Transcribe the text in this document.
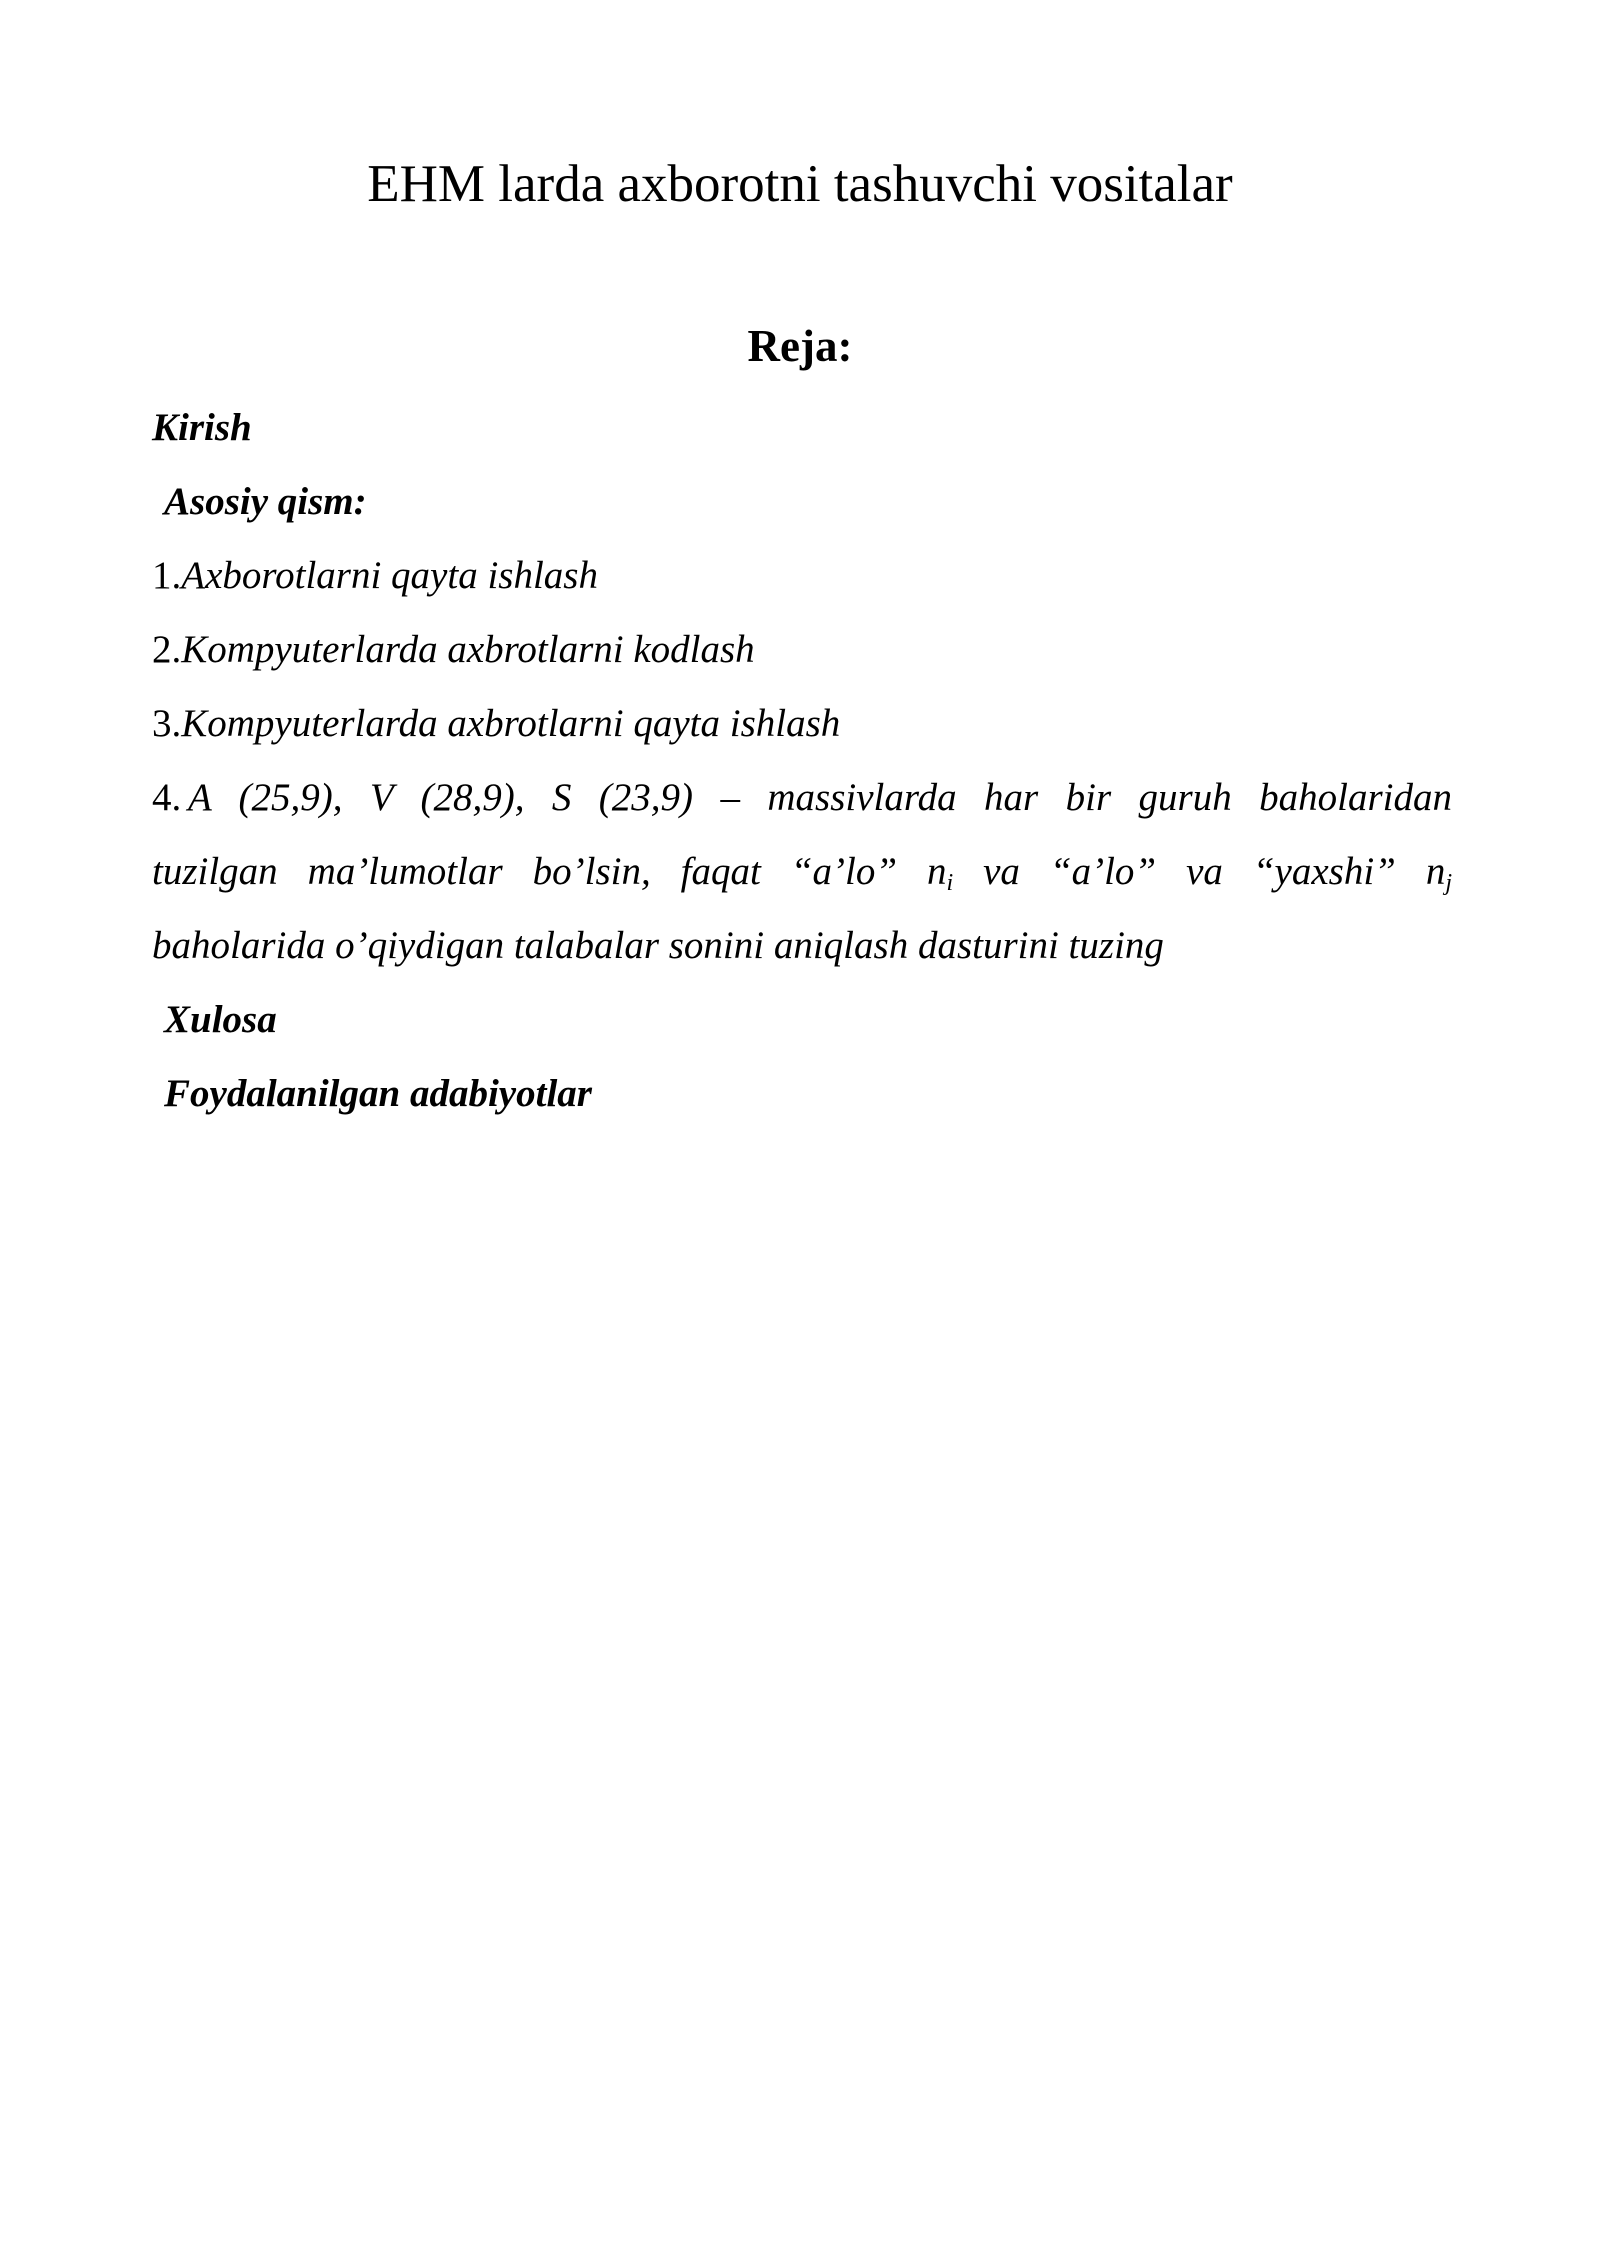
EHM larda axborotni tashuvchi vositalar
Reja:
Kirish
Asosiy qism:
1.Axborotlarni qayta ishlash
2.Kompyuterlarda axbrotlarni kodlash
3.Kompyuterlarda axbrotlarni qayta ishlash
4. A (25,9), V (28,9), S (23,9) – massivlarda har bir guruh baholaridan
tuzilgan ma’lumotlar bo’lsin, faqat “a’lo” $n_i$ va “a’lo” va “yaxshi” $n_j$
baholarida o’qiydigan talabalar sonini aniqlash dasturini tuzing
Xulosa
Foydalanilgan adabiyotlar
